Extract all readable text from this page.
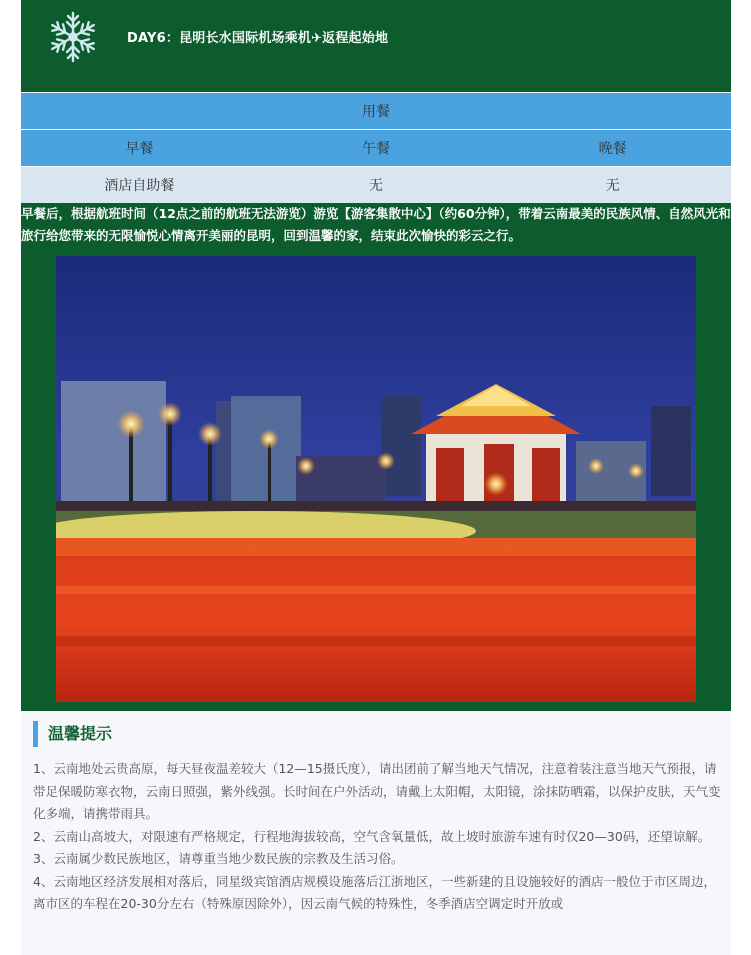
DAY6：昆明长水国际机场乘机✈返程起始地
用餐
早餐	午餐	晚餐
酒店自助餐	无	无

早餐后，根据航班时间（12点之前的航班无法游览）游览【游客集散中心】（约60分钟），带着云南最美的民族风情、自然风光和旅行给您带来的无限愉悦心情离开美丽的昆明，回到温馨的家，结束此次愉快的彩云之行。

温馨提示

1、云南地处云贵高原，每天昼夜温差较大（12—15摄氏度），请出团前了解当地天气情况，注意着装注意当地天气预报，请带足保暖防寒衣物，云南日照强，紫外线强。长时间在户外活动，请戴上太阳帽，太阳镜，涂抹防晒霜，以保护皮肤，天气变化多端，请携带雨具。

2、云南山高坡大，对限速有严格规定，行程地海拔较高，空气含氧量低，故上坡时旅游车速有时仅20—30码，还望谅解。

3、云南属少数民族地区，请尊重当地少数民族的宗教及生活习俗。

4、云南地区经济发展相对落后，同星级宾馆酒店规模设施落后江浙地区，一些新建的且设施较好的酒店一般位于市区周边，离市区的车程在20-30分左右（特殊原因除外），因云南气候的特殊性，冬季酒店空调定时开放或
